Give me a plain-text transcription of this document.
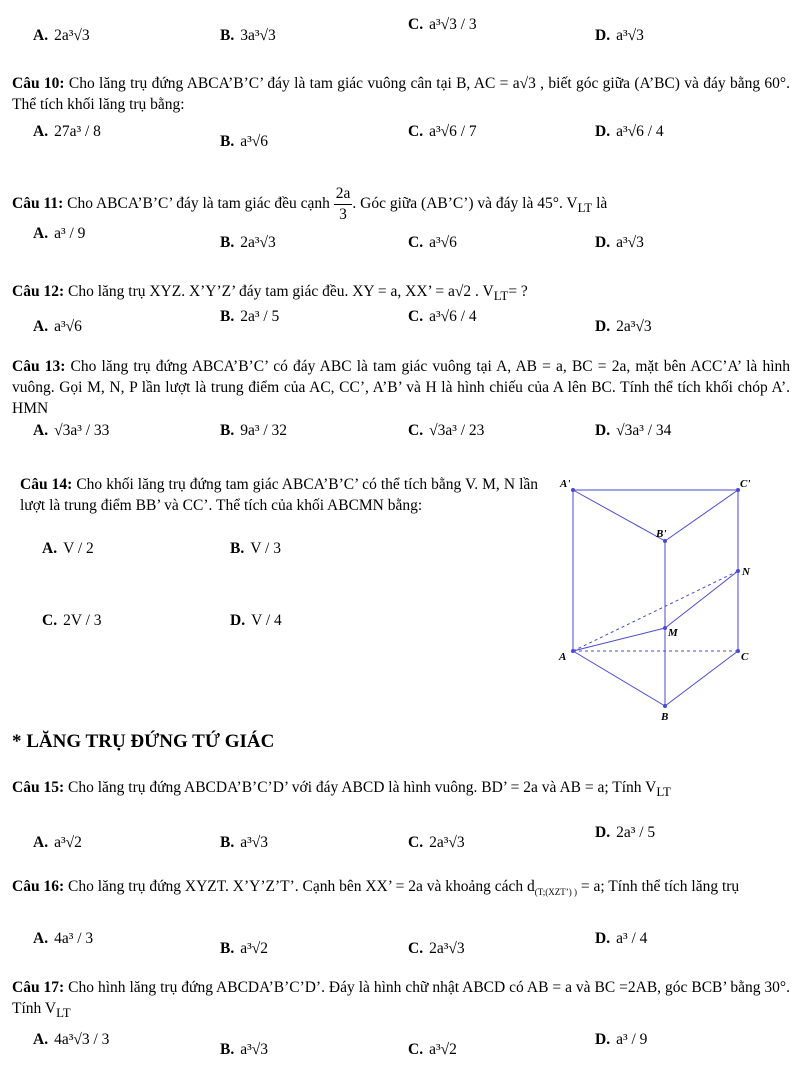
A. 2a³√3	B. 3a³√3
C. a³√3 / 3
D. a³√3
Câu 10: Cho lăng trụ đứng ABCA’B’C’ đáy là tam giác vuông cân tại B, AC = a√3 , biết góc giữa (A’BC) và đáy bằng 60°. Thể tích khối lăng trụ bằng:
A. 27a³ / 8
B. a³√6
C. a³√6 / 7	D. a³√6 / 4
Câu 11: Cho ABCA’B’C’ đáy là tam giác đều cạnh $\frac{2a}{3}$ . Góc giữa (AB’C’) và đáy là 45°. $V_{LT}$ là
A. a³ / 9
B. 2a³√3	C. a³√6	D. a³√3
Câu 12: Cho lăng trụ XYZ. X’Y’Z’ đáy tam giác đều. XY = a, XX’ = a√2 . $V_{LT}=$ ?
A. a³√6
B. 2a³ / 5	C. a³√6 / 4
D. 2a³√3
Câu 13: Cho lăng trụ đứng ABCA’B’C’ có đáy ABC là tam giác vuông tại A, AB = a, BC = 2a, mặt bên ACC’A’ là hình vuông. Gọi M, N, P lần lượt là trung điểm của AC, CC’, A’B’ và H là hình chiếu của A lên BC. Tính thể tích khối chóp A’. HMN
A. √3a³ / 33	B. 9a³ / 32	C. √3a³ / 23	D. √3a³ / 34
Câu 14: Cho khối lăng trụ đứng tam giác ABCA’B’C’ có thể tích bằng V. M, N lần lượt là trung điểm BB’ và CC’. Thể tích của khối ABCMN bằng:
A. V / 2	B. V / 3
C. 2V / 3	D. V / 4
A'	C'
B'
N
M
A	C
B
* LĂNG TRỤ ĐỨNG TỨ GIÁC
Câu 15: Cho lăng trụ đứng ABCDA’B’C’D’ với đáy ABCD là hình vuông. BD’ = 2a và AB = a; Tính $V_{LT}$
A. a³√2	B. a³√3	C. 2a³√3
D. 2a³ / 5
Câu 16: Cho lăng trụ đứng XYZT. X’Y’Z’T’. Cạnh bên XX’ = 2a và khoảng cách $d_{(T;(XZT’) )} = a$; Tính thể tích lăng trụ
A. 4a³ / 3
B. a³√2	C. 2a³√3
D. a³ / 4
Câu 17: Cho hình lăng trụ đứng ABCDA’B’C’D’. Đáy là hình chữ nhật ABCD có AB = a và BC =2AB, góc BCB’ bằng 30°. Tính $V_{LT}$
A. 4a³√3 / 3
B. a³√3	C. a³√2
D. a³ / 9
